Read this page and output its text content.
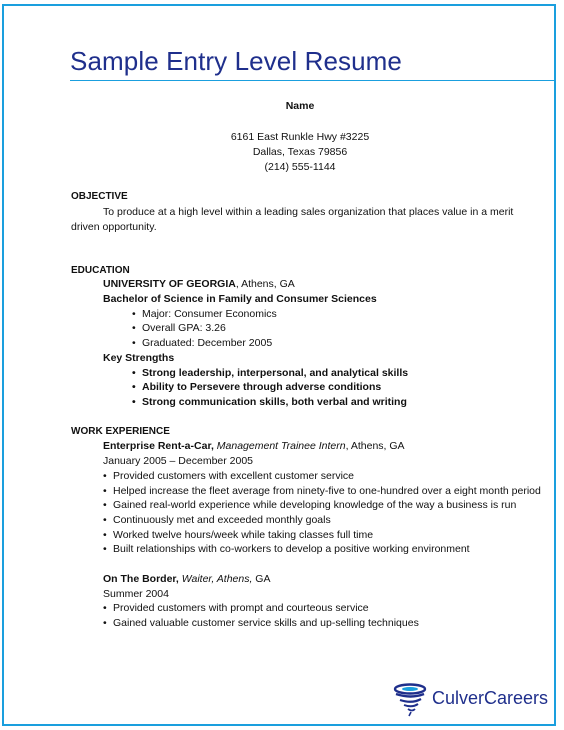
Sample Entry Level Resume
Name
6161 East Runkle Hwy #3225
Dallas, Texas 79856
(214) 555-1144
OBJECTIVE
To produce at a high level within a leading sales organization that places value in a merit
driven opportunity.
EDUCATION
UNIVERSITY OF GEORGIA, Athens, GA
Bachelor of Science in Family and Consumer Sciences
• Major: Consumer Economics
• Overall GPA: 3.26
• Graduated: December 2005
Key Strengths
• Strong leadership, interpersonal, and analytical skills
• Ability to Persevere through adverse conditions
• Strong communication skills, both verbal and writing
WORK EXPERIENCE
Enterprise Rent-a-Car, Management Trainee Intern, Athens, GA
January 2005 – December 2005
• Provided customers with excellent customer service
• Helped increase the fleet average from ninety-five to one-hundred over a eight month period
• Gained real-world experience while developing knowledge of the way a business is run
• Continuously met and exceeded monthly goals
• Worked twelve hours/week while taking classes full time
• Built relationships with co-workers to develop a positive working environment
On The Border, Waiter, Athens, GA
Summer 2004
• Provided customers with prompt and courteous service
• Gained valuable customer service skills and up-selling techniques
CulverCareers
